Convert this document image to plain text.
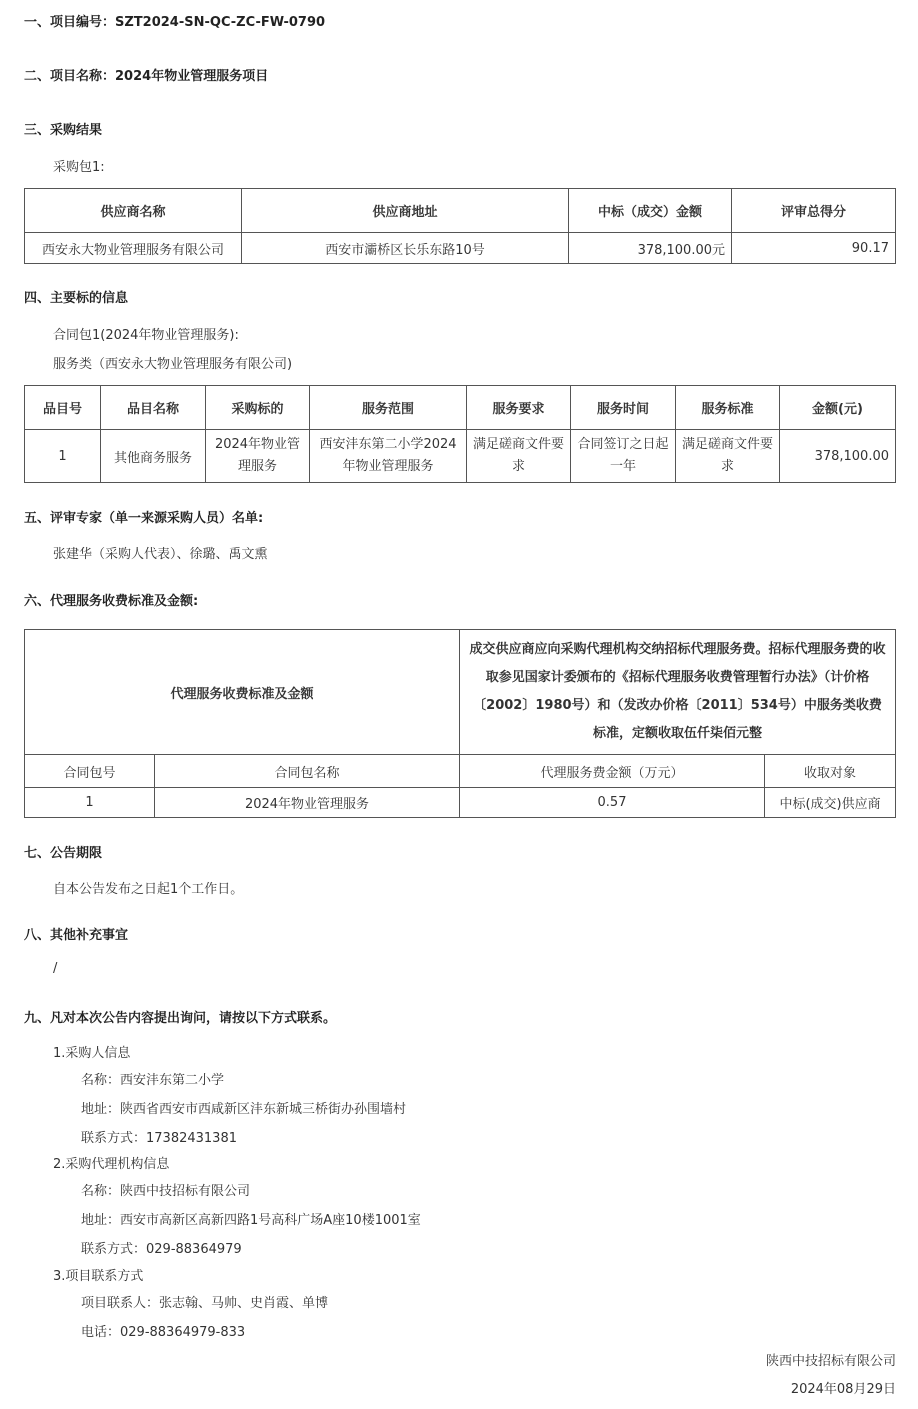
一、项目编号：SZT2024-SN-QC-ZC-FW-0790
二、项目名称：2024年物业管理服务项目
三、采购结果
采购包1:
供应商名称	供应商地址	中标（成交）金额	评审总得分
西安永大物业管理服务有限公司	西安市灞桥区长乐东路10号	378,100.00元	90.17
四、主要标的信息
合同包1(2024年物业管理服务):
服务类（西安永大物业管理服务有限公司)
品目号	品目名称	采购标的	服务范围	服务要求	服务时间	服务标准	金额(元)
1	其他商务服务	2024年物业管理服务	西安沣东第二小学2024年物业管理服务	满足磋商文件要求	合同签订之日起一年	满足磋商文件要求	378,100.00
五、评审专家（单一来源采购人员）名单:
张建华（采购人代表）、徐璐、禹文熏
六、代理服务收费标准及金额:
代理服务收费标准及金额		成交供应商应向采购代理机构交纳招标代理服务费。招标代理服务费的收取参见国家计委颁布的《招标代理服务收费管理暂行办法》（计价格〔2002〕1980号）和（发改办价格〔2011〕534号）中服务类收费标准，定额收取伍仟柒佰元整	
合同包号	合同包名称	代理服务费金额（万元）	收取对象
1	2024年物业管理服务	0.57	中标(成交)供应商
七、公告期限
自本公告发布之日起1个工作日。
八、其他补充事宜
/
九、凡对本次公告内容提出询问，请按以下方式联系。
1.采购人信息
名称：西安沣东第二小学
地址：陕西省西安市西咸新区沣东新城三桥街办孙围墙村
联系方式：17382431381
2.采购代理机构信息
名称：陕西中技招标有限公司
地址：西安市高新区高新四路1号高科广场A座10楼1001室
联系方式：029-88364979
3.项目联系方式
项目联系人：张志翰、马帅、史肖霞、单博
电话：029-88364979-833
陕西中技招标有限公司
2024年08月29日
